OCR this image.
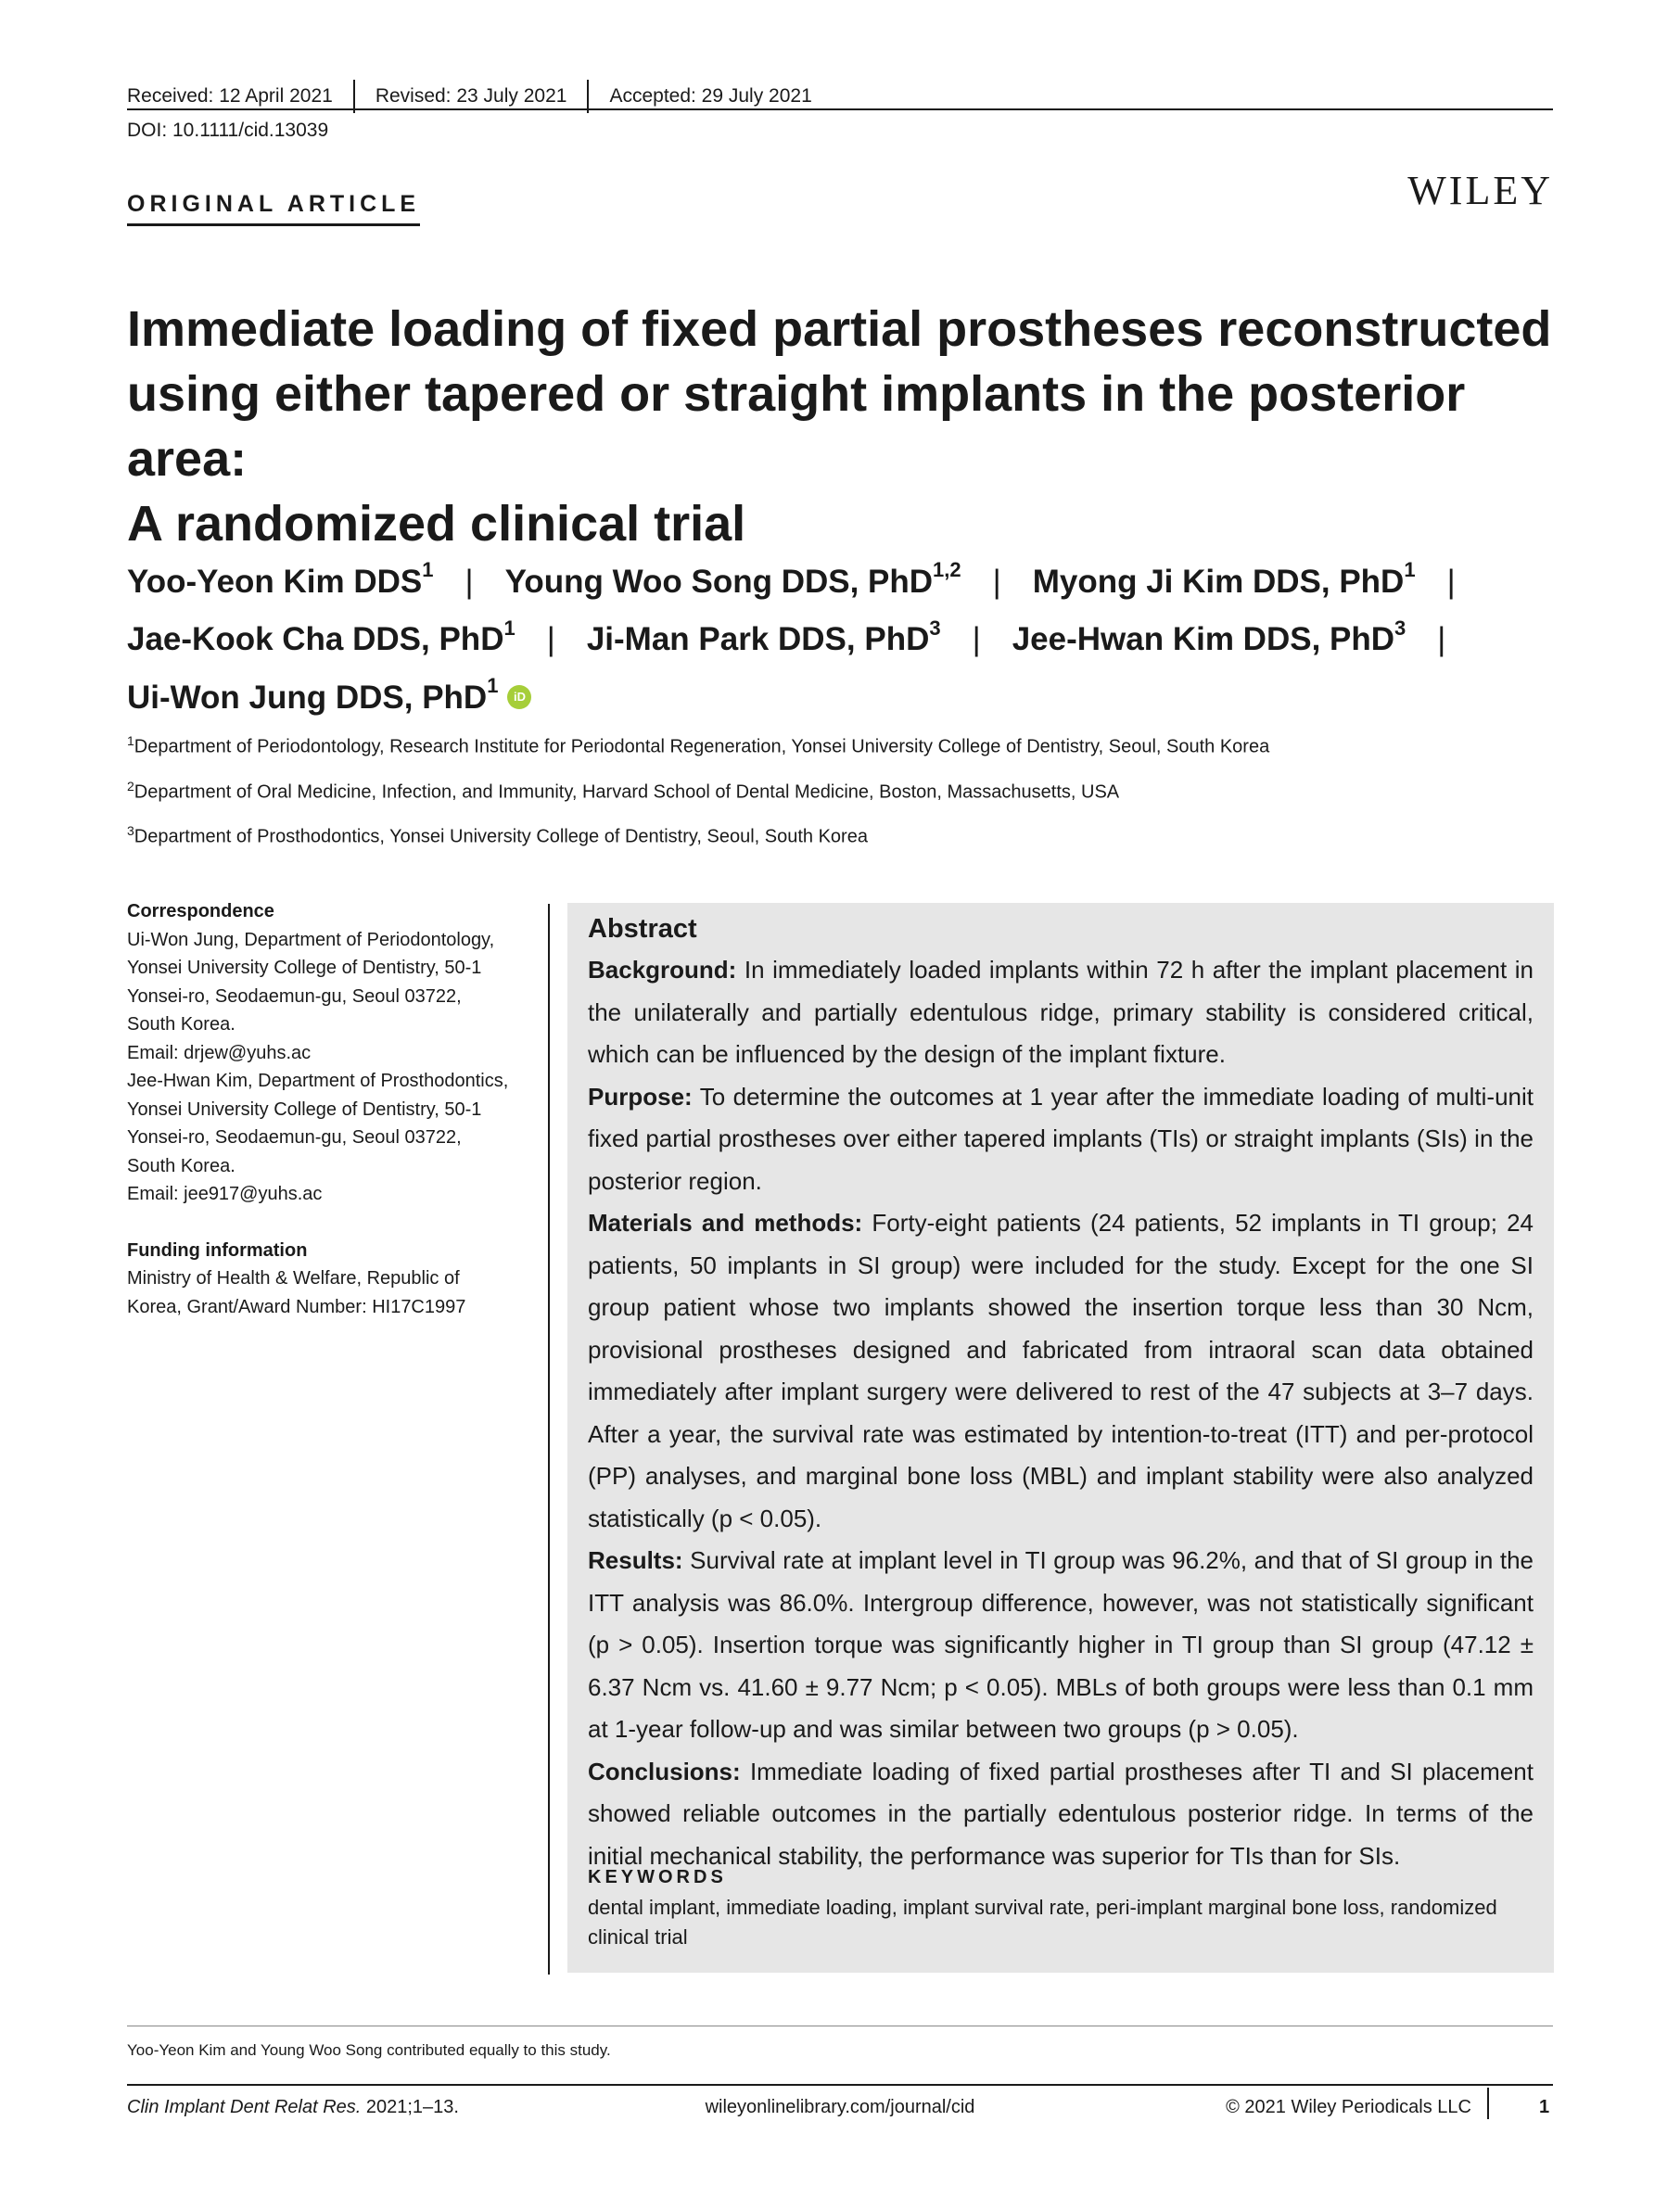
Received: 12 April 2021 Revised: 23 July 2021 Accepted: 29 July 2021
DOI: 10.1111/cid.13039
ORIGINAL ARTICLE	WILEY
Immediate loading of fixed partial prostheses reconstructed
using either tapered or straight implants in the posterior area:
A randomized clinical trial
Yoo-Yeon Kim DDS$^1$ | Young Woo Song DDS, PhD$^{1,2}$ | Myong Ji Kim DDS, PhD$^1$ |
Jae-Kook Cha DDS, PhD$^1$ | Ji-Man Park DDS, PhD$^3$ | Jee-Hwan Kim DDS, PhD$^3$ |
Ui-Won Jung DDS, PhD$^1$ iD
$^1$Department of Periodontology, Research Institute for Periodontal Regeneration, Yonsei University College of Dentistry, Seoul, South Korea
$^2$Department of Oral Medicine, Infection, and Immunity, Harvard School of Dental Medicine, Boston, Massachusetts, USA
$^3$Department of Prosthodontics, Yonsei University College of Dentistry, Seoul, South Korea
Correspondence
Ui-Won Jung, Department of Periodontology,
Yonsei University College of Dentistry, 50-1
Yonsei-ro, Seodaemun-gu, Seoul 03722,
South Korea.
Email: drjew@yuhs.ac
Jee-Hwan Kim, Department of Prosthodontics,
Yonsei University College of Dentistry, 50-1
Yonsei-ro, Seodaemun-gu, Seoul 03722,
South Korea.
Email: jee917@yuhs.ac
Funding information
Ministry of Health & Welfare, Republic of
Korea, Grant/Award Number: HI17C1997
Abstract
Background: In immediately loaded implants within 72 h after the implant placement in the unilaterally and partially edentulous ridge, primary stability is considered critical, which can be influenced by the design of the implant fixture.
Purpose: To determine the outcomes at 1 year after the immediate loading of multi-unit fixed partial prostheses over either tapered implants (TIs) or straight implants (SIs) in the posterior region.
Materials and methods: Forty-eight patients (24 patients, 52 implants in TI group; 24 patients, 50 implants in SI group) were included for the study. Except for the one SI group patient whose two implants showed the insertion torque less than 30 Ncm, provisional prostheses designed and fabricated from intraoral scan data obtained immediately after implant surgery were delivered to rest of the 47 subjects at 3–7 days. After a year, the survival rate was estimated by intention-to-treat (ITT) and per-protocol (PP) analyses, and marginal bone loss (MBL) and implant stability were also analyzed statistically (p < 0.05).
Results: Survival rate at implant level in TI group was 96.2%, and that of SI group in the ITT analysis was 86.0%. Intergroup difference, however, was not statistically significant (p > 0.05). Insertion torque was significantly higher in TI group than SI group (47.12 ± 6.37 Ncm vs. 41.60 ± 9.77 Ncm; p < 0.05). MBLs of both groups were less than 0.1 mm at 1-year follow-up and was similar between two groups (p > 0.05).
Conclusions: Immediate loading of fixed partial prostheses after TI and SI placement showed reliable outcomes in the partially edentulous posterior ridge. In terms of the initial mechanical stability, the performance was superior for TIs than for SIs.
KEYWORDS
dental implant, immediate loading, implant survival rate, peri-implant marginal bone loss, randomized clinical trial
Yoo-Yeon Kim and Young Woo Song contributed equally to this study.
Clin Implant Dent Relat Res. 2021;1–13.	wileyonlinelibrary.com/journal/cid	© 2021 Wiley Periodicals LLC	1
